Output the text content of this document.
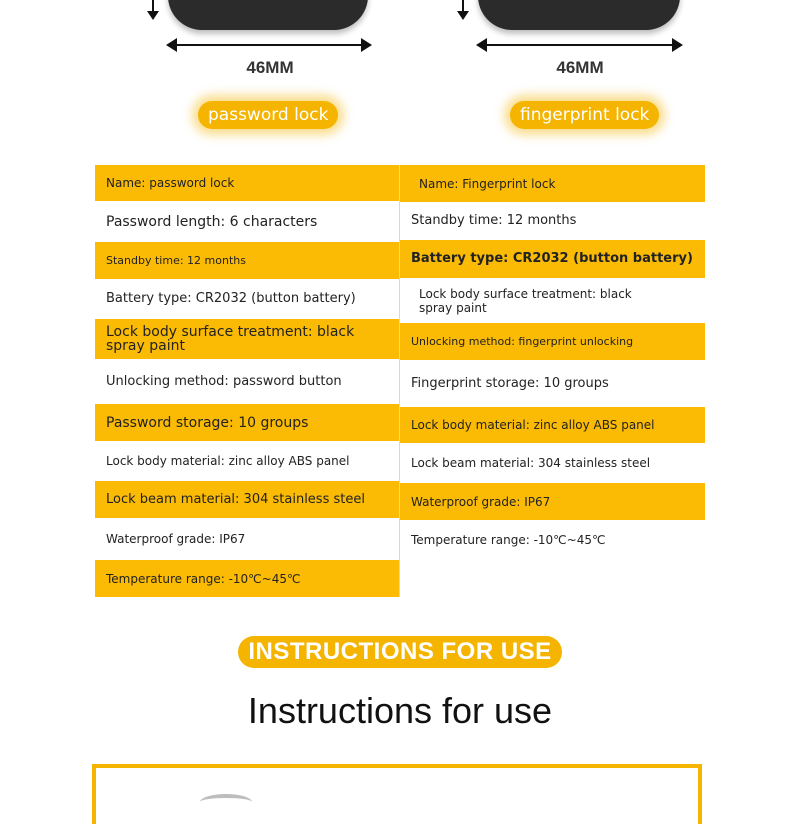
46MM	46MM
password lock	fingerprint lock
Name: password lock
Password length: 6 characters
Standby time: 12 months
Battery type: CR2032 (button battery)
Lock body surface treatment: black spray paint
Unlocking method: password button
Password storage: 10 groups
Lock body material: zinc alloy ABS panel
Lock beam material: 304 stainless steel
Waterproof grade: IP67
Temperature range: -10℃~45℃
Name: Fingerprint lock
Standby time: 12 months
Battery type: CR2032 (button battery)
Lock body surface treatment: black spray paint
Unlocking method: fingerprint unlocking
Fingerprint storage: 10 groups
Lock body material: zinc alloy ABS panel
Lock beam material: 304 stainless steel
Waterproof grade: IP67
Temperature range: -10℃~45℃
INSTRUCTIONS FOR USE
Instructions for use
